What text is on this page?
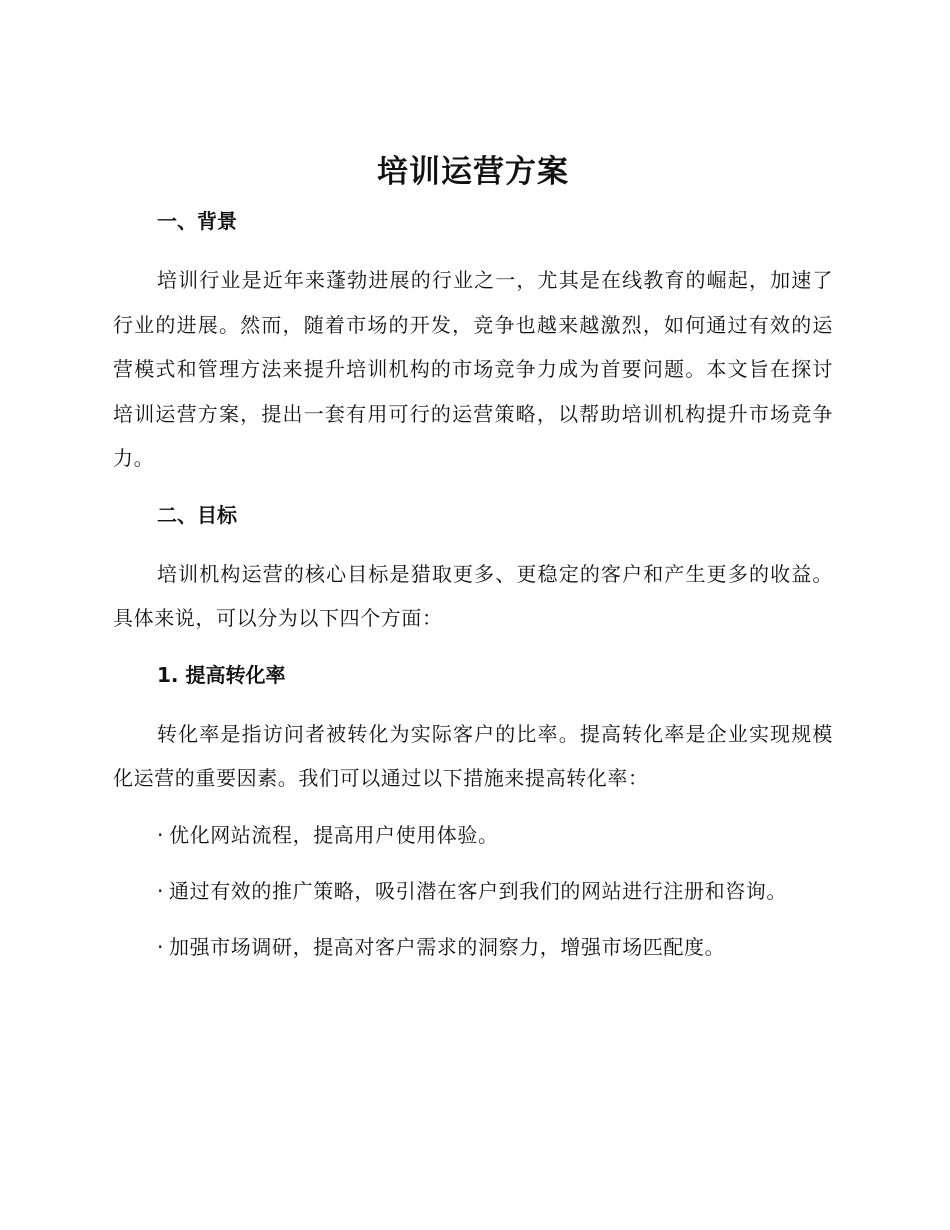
培训运营方案
一、背景
培训行业是近年来蓬勃进展的行业之一，尤其是在线教育的崛起，加速了行业的进展。然而，随着市场的开发，竞争也越来越激烈，如何通过有效的运营模式和管理方法来提升培训机构的市场竞争力成为首要问题。本文旨在探讨培训运营方案，提出一套有用可行的运营策略，以帮助培训机构提升市场竞争力。
二、目标
培训机构运营的核心目标是猎取更多、更稳定的客户和产生更多的收益。具体来说，可以分为以下四个方面：
1. 提高转化率
转化率是指访问者被转化为实际客户的比率。提高转化率是企业实现规模化运营的重要因素。我们可以通过以下措施来提高转化率：
· 优化网站流程，提高用户使用体验。
· 通过有效的推广策略，吸引潜在客户到我们的网站进行注册和咨询。
· 加强市场调研，提高对客户需求的洞察力，增强市场匹配度。
